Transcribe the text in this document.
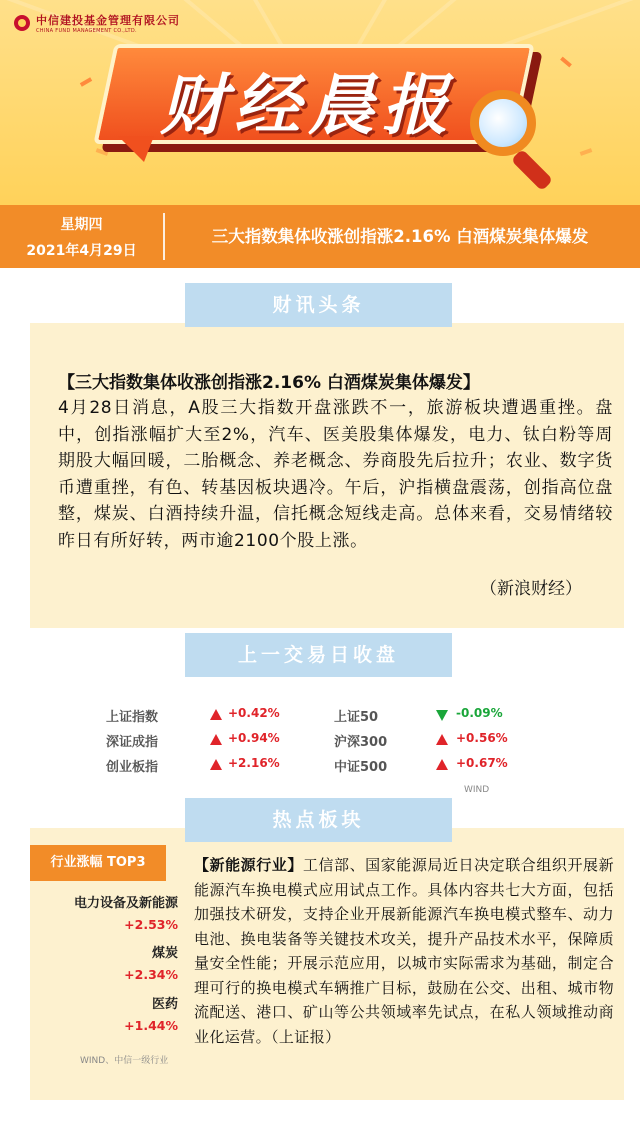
中信建投基金管理有限公司
CHINA FUND MANAGEMENT CO.,LTD.
财经晨报
星期四
2021年4月29日
三大指数集体收涨创指涨2.16% 白酒煤炭集体爆发
财讯头条
【三大指数集体收涨创指涨2.16% 白酒煤炭集体爆发】
4月28日消息，A股三大指数开盘涨跌不一，旅游板块遭遇重挫。盘中，创指涨幅扩大至2%，汽车、医美股集体爆发，电力、钛白粉等周期股大幅回暖，二胎概念、养老概念、券商股先后拉升；农业、数字货币遭重挫，有色、转基因板块遇冷。午后，沪指横盘震荡，创指高位盘整，煤炭、白酒持续升温，信托概念短线走高。总体来看，交易情绪较昨日有所好转，两市逾2100个股上涨。
（新浪财经）
上一交易日收盘
上证指数	+0.42%	上证50	-0.09%
深证成指	+0.94%	沪深300	+0.56%
创业板指	+2.16%	中证500	+0.67%
WIND
热点板块
行业涨幅 TOP3
电力设备及新能源
+2.53%
煤炭
+2.34%
医药
+1.44%
WIND、中信一级行业
【新能源行业】工信部、国家能源局近日决定联合组织开展新能源汽车换电模式应用试点工作。具体内容共七大方面，包括加强技术研发，支持企业开展新能源汽车换电模式整车、动力电池、换电装备等关键技术攻关，提升产品技术水平，保障质量安全性能；开展示范应用，以城市实际需求为基础，制定合理可行的换电模式车辆推广目标，鼓励在公交、出租、城市物流配送、港口、矿山等公共领域率先试点，在私人领域推动商业化运营。（上证报）
